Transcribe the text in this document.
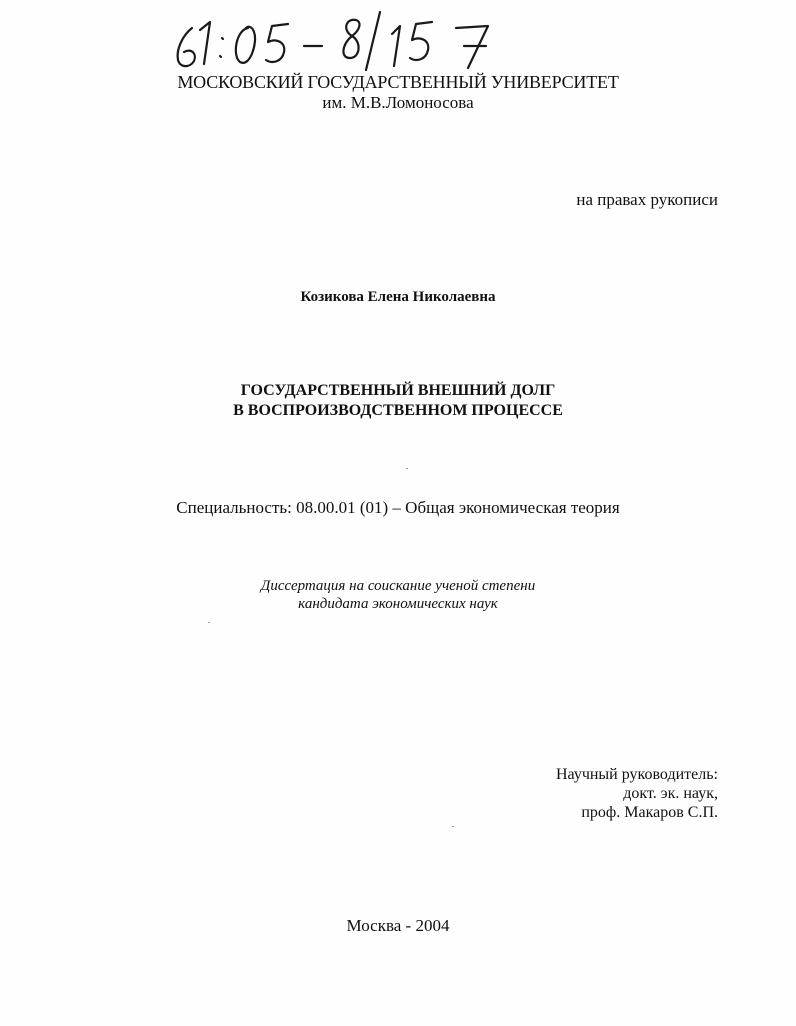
МОСКОВСКИЙ ГОСУДАРСТВЕННЫЙ УНИВЕРСИТЕТ
им. М.В.Ломоносова
на правах рукописи
Козикова Елена Николаевна
ГОСУДАРСТВЕННЫЙ ВНЕШНИЙ ДОЛГ
В ВОСПРОИЗВОДСТВЕННОМ ПРОЦЕССЕ
Специальность: 08.00.01 (01) – Общая экономическая теория
Диссертация на соискание ученой степени
кандидата экономических наук
Научный руководитель:
докт. эк. наук,
проф. Макаров С.П.
Москва - 2004
